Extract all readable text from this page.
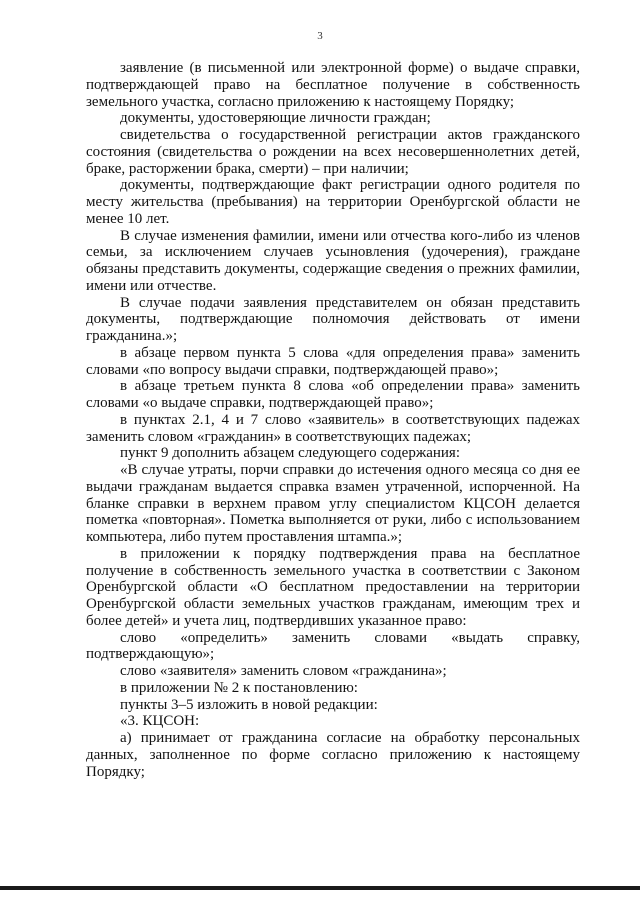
3

заявление (в письменной или электронной форме) о выдаче справки, подтверждающей право на бесплатное получение в собственность земельного участка, согласно приложению к настоящему Порядку;

документы, удостоверяющие личности граждан;

свидетельства о государственной регистрации актов гражданского состояния (свидетельства о рождении на всех несовершеннолетних детей, браке, расторжении брака, смерти) – при наличии;

документы, подтверждающие факт регистрации одного родителя по месту жительства (пребывания) на территории Оренбургской области не менее 10 лет.

В случае изменения фамилии, имени или отчества кого-либо из членов семьи, за исключением случаев усыновления (удочерения), граждане обязаны представить документы, содержащие сведения о прежних фамилии, имени или отчестве.

В случае подачи заявления представителем он обязан представить документы, подтверждающие полномочия действовать от имени гражданина.»;

в абзаце первом пункта 5 слова «для определения права» заменить словами «по вопросу выдачи справки, подтверждающей право»;

в абзаце третьем пункта 8 слова «об определении права» заменить словами «о выдаче справки, подтверждающей право»;

в пунктах 2.1, 4 и 7 слово «заявитель» в соответствующих падежах заменить словом «гражданин» в соответствующих падежах;

пункт 9 дополнить абзацем следующего содержания:

«В случае утраты, порчи справки до истечения одного месяца со дня ее выдачи гражданам выдается справка взамен утраченной, испорченной. На бланке справки в верхнем правом углу специалистом КЦСОН делается пометка «повторная». Пометка выполняется от руки, либо с использованием компьютера, либо путем проставления штампа.»;

в приложении к порядку подтверждения права на бесплатное получение в собственность земельного участка в соответствии с Законом Оренбургской области «О бесплатном предоставлении на территории Оренбургской области земельных участков гражданам, имеющим трех и более детей» и учета лиц, подтвердивших указанное право:

слово «определить» заменить словами «выдать справку, подтверждающую»;

слово «заявителя» заменить словом «гражданина»;

в приложении № 2 к постановлению:

пункты 3–5 изложить в новой редакции:

«3. КЦСОН:

а) принимает от гражданина согласие на обработку персональных данных, заполненное по форме согласно приложению к настоящему Порядку;
